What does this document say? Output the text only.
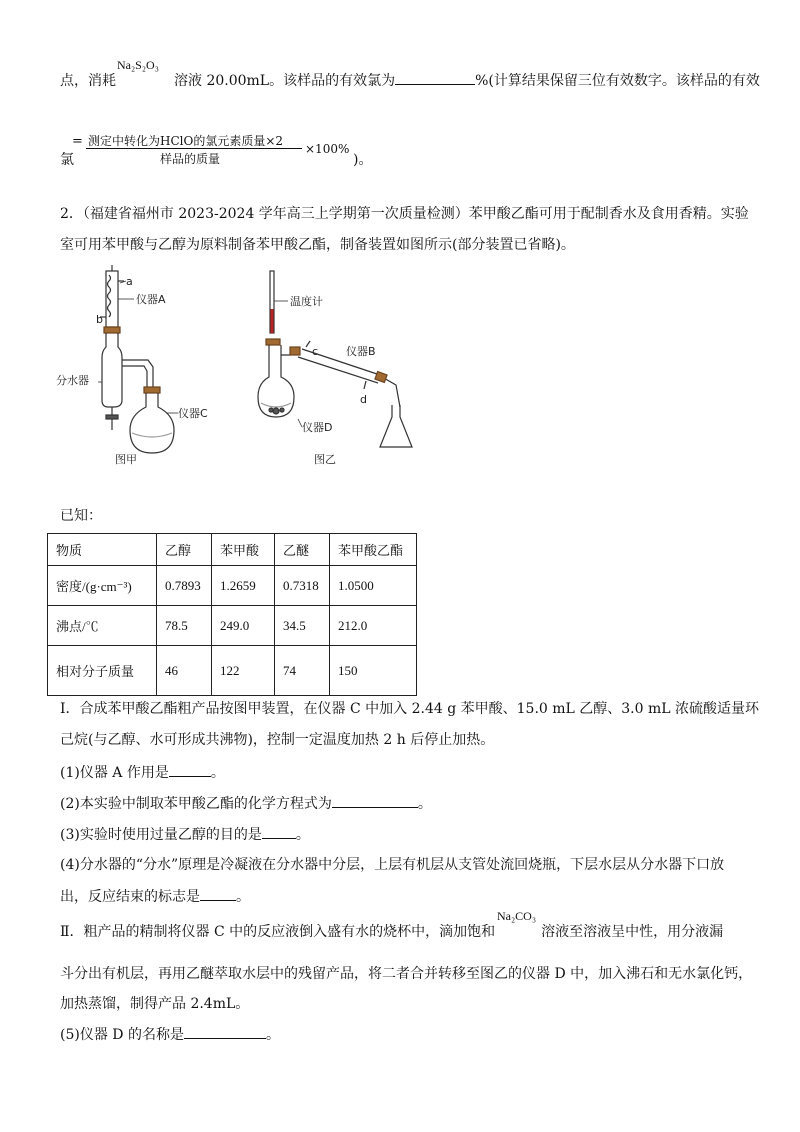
Na₂S₂O₃
点，消耗	溶液 20.00mL。该样品的有效氯为	%(计算结果保留三位有效数字。该样品的有效
= 测定中转化为HClO的氯元素质量×2
样品的质量
×100%
氯	)。
2．（福建省福州市 2023-2024 学年高三上学期第一次质量检测）苯甲酸乙酯可用于配制香水及食用香精。实验
室可用苯甲酸与乙醇为原料制备苯甲酸乙酯，制备装置如图所示(部分装置已省略)。
a
仪器A
b
分水器
仪器C
图甲
温度计
c	仪器B
d
仪器D
图乙
已知：
物质	乙醇	苯甲酸	乙醚	苯甲酸乙酯
密度/(g·cm⁻³)	0.7893	1.2659	0.7318	1.0500
沸点/℃	78.5	249.0	34.5	212.0
相对分子质量	46	122	74	150
Ⅰ．合成苯甲酸乙酯粗产品按图甲装置，在仪器 C 中加入 2.44 g 苯甲酸、15.0 mL 乙醇、3.0 mL 浓硫酸适量环
己烷(与乙醇、水可形成共沸物)，控制一定温度加热 2 h 后停止加热。
(1)仪器 A 作用是	。
(2)本实验中制取苯甲酸乙酯的化学方程式为	。
(3)实验时使用过量乙醇的目的是 。
(4)分水器的“分水”原理是冷凝液在分水器中分层，上层有机层从支管处流回烧瓶，下层水层从分水器下口放
出，反应结束的标志是	。
Na₂CO₃
Ⅱ．粗产品的精制将仪器 C 中的反应液倒入盛有水的烧杯中，滴加饱和	溶液至溶液呈中性，用分液漏
斗分出有机层，再用乙醚萃取水层中的残留产品，将二者合并转移至图乙的仪器 D 中，加入沸石和无水氯化钙，
加热蒸馏，制得产品 2.4mL。
(5)仪器 D 的名称是	。
